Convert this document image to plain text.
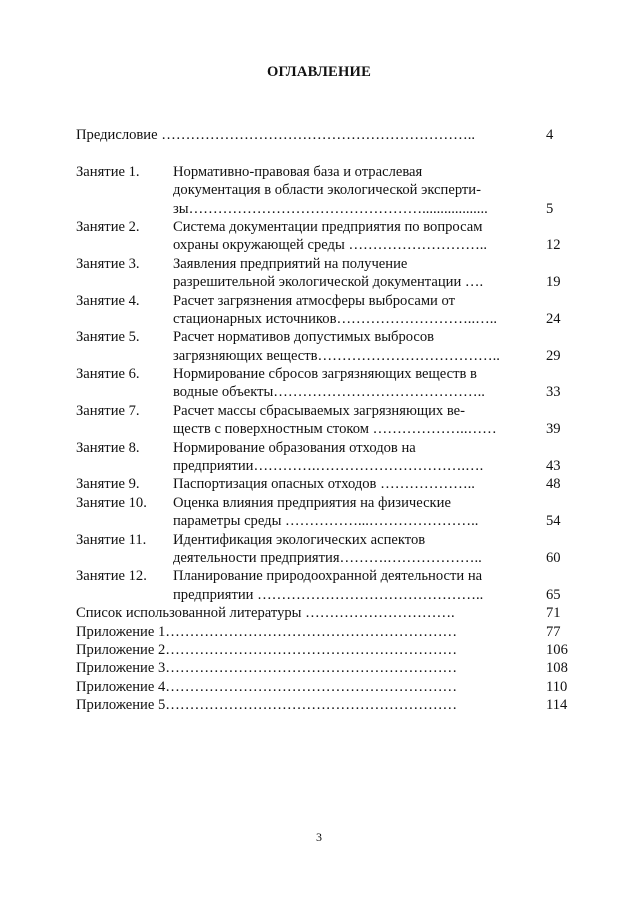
ОГЛАВЛЕНИЕ
Предисловие ………………………………………………………..	4
Занятие 1. Нормативно-правовая база и отраслевая
документация в области экологической эксперти-
зы…………………………………………..................	5
Занятие 2. Система документации предприятия по вопросам
охраны окружающей среды ………………………..	12
Занятие 3. Заявления предприятий на получение
разрешительной экологической документации ….	19
Занятие 4. Расчет загрязнения атмосферы выбросами от
стационарных источников………………………..…..	24
Занятие 5. Расчет нормативов допустимых выбросов
загрязняющих веществ………………………………..	29
Занятие 6. Нормирование сбросов загрязняющих веществ в
водные объекты……………………………………..	33
Занятие 7. Расчет массы сбрасываемых загрязняющих ве-
ществ с поверхностным стоком ………………..……	39
Занятие 8. Нормирование образования отходов на
предприятии………….………………………….….	43
Занятие 9. Паспортизация опасных отходов ………………..	48
Занятие 10. Оценка влияния предприятия на физические
параметры среды ……………...…………………..	54
Занятие 11. Идентификация экологических аспектов
деятельности предприятия……….………………..	60
Занятие 12. Планирование природоохранной деятельности на
предприятии ………………………………………..	65
Список использованной литературы ………………………….	71
Приложение 1……………………………………………………	77
Приложение 2……………………………………………………	106
Приложение 3……………………………………………………	108
Приложение 4……………………………………………………	110
Приложение 5……………………………………………………	114
3
